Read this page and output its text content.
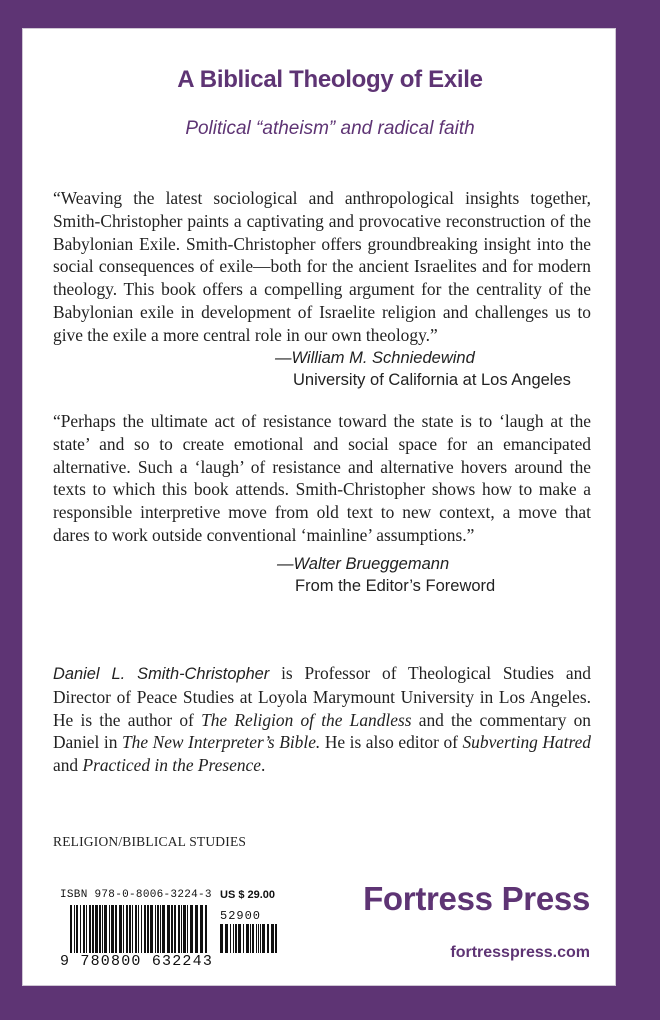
A Biblical Theology of Exile
Political “atheism” and radical faith
“Weaving the latest sociological and anthropological insights together, Smith-Christopher paints a captivating and provocative reconstruction of the Babylonian Exile. Smith-Christopher offers groundbreaking insight into the social consequences of exile—both for the ancient Israelites and for modern theology. This book offers a compelling argument for the centrality of the Babylonian exile in development of Israelite religion and challenges us to give the exile a more central role in our own theology.”
—William M. Schniedewind
University of California at Los Angeles
“Perhaps the ultimate act of resistance toward the state is to ‘laugh at the state’ and so to create emotional and social space for an emancipated alternative. Such a ‘laugh’ of resistance and alternative hovers around the texts to which this book attends. Smith-Christopher shows how to make a responsible interpretive move from old text to new context, a move that dares to work outside conventional ‘mainline’ assumptions.”
—Walter Brueggemann
From the Editor’s Foreword
Daniel L. Smith-Christopher is Professor of Theological Studies and Director of Peace Studies at Loyola Marymount University in Los Angeles. He is the author of The Religion of the Landless and the commentary on Daniel in The New Interpreter’s Bible. He is also editor of Subverting Hatred and Practiced in the Presence.
RELIGION/BIBLICAL STUDIES
ISBN 978-0-8006-3224-3 US $ 29.00
52900
9 780800 632243
Fortress Press
fortresspress.com
